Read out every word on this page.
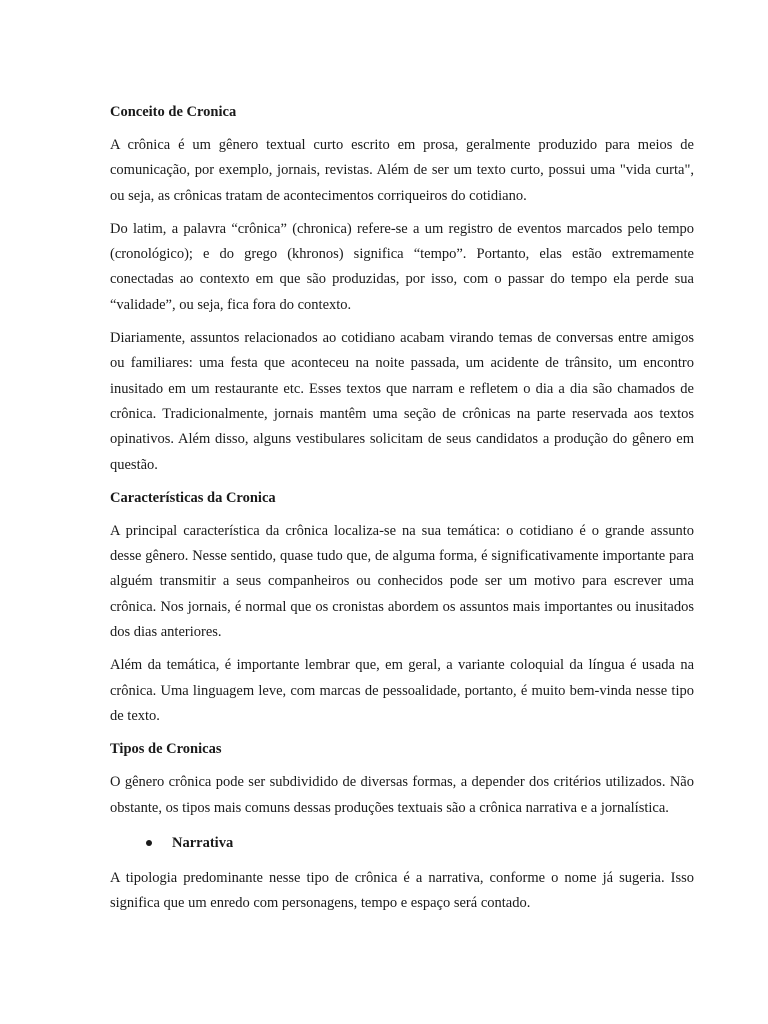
Conceito de Cronica

A crônica é um gênero textual curto escrito em prosa, geralmente produzido para meios de comunicação, por exemplo, jornais, revistas. Além de ser um texto curto, possui uma "vida curta", ou seja, as crônicas tratam de acontecimentos corriqueiros do cotidiano.

Do latim, a palavra “crônica” (chronica) refere-se a um registro de eventos marcados pelo tempo (cronológico); e do grego (khronos) significa “tempo”. Portanto, elas estão extremamente conectadas ao contexto em que são produzidas, por isso, com o passar do tempo ela perde sua “validade”, ou seja, fica fora do contexto.

Diariamente, assuntos relacionados ao cotidiano acabam virando temas de conversas entre amigos ou familiares: uma festa que aconteceu na noite passada, um acidente de trânsito, um encontro inusitado em um restaurante etc. Esses textos que narram e refletem o dia a dia são chamados de crônica. Tradicionalmente, jornais mantêm uma seção de crônicas na parte reservada aos textos opinativos. Além disso, alguns vestibulares solicitam de seus candidatos a produção do gênero em questão.

Características da Cronica

A principal característica da crônica localiza-se na sua temática: o cotidiano é o grande assunto desse gênero. Nesse sentido, quase tudo que, de alguma forma, é significativamente importante para alguém transmitir a seus companheiros ou conhecidos pode ser um motivo para escrever uma crônica. Nos jornais, é normal que os cronistas abordem os assuntos mais importantes ou inusitados dos dias anteriores.

Além da temática, é importante lembrar que, em geral, a variante coloquial da língua é usada na crônica. Uma linguagem leve, com marcas de pessoalidade, portanto, é muito bem-vinda nesse tipo de texto.

Tipos de Cronicas

O gênero crônica pode ser subdividido de diversas formas, a depender dos critérios utilizados. Não obstante, os tipos mais comuns dessas produções textuais são a crônica narrativa e a jornalística.

Narrativa

A tipologia predominante nesse tipo de crônica é a narrativa, conforme o nome já sugeria. Isso significa que um enredo com personagens, tempo e espaço será contado.
